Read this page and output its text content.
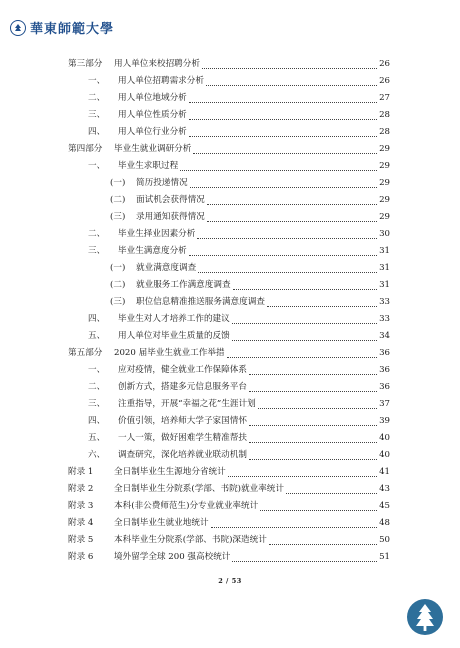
華東師範大學
第三部分	用人单位来校招聘分析	26
一、	用人单位招聘需求分析	26
二、	用人单位地域分析	27
三、	用人单位性质分析	28
四、	用人单位行业分析	28
第四部分	毕业生就业调研分析	29
一、	毕业生求职过程	29
(一)	简历投递情况	29
(二)	面试机会获得情况	29
(三)	录用通知获得情况	29
二、	毕业生择业因素分析	30
三、	毕业生满意度分析	31
(一)	就业满意度调查	31
(二)	就业服务工作满意度调查	31
(三)	职位信息精准推送服务满意度调查	33
四、	毕业生对人才培养工作的建议	33
五、	用人单位对毕业生质量的反馈	34
第五部分	2020 届毕业生就业工作举措	36
一、	应对疫情，健全就业工作保障体系	36
二、	创新方式，搭建多元信息服务平台	36
三、	注重指导，开展“幸福之花”生涯计划	37
四、	价值引领，培养师大学子家国情怀	39
五、	一人一策，做好困难学生精准帮扶	40
六、	调查研究，深化培养就业联动机制	40
附录 1	全日制毕业生生源地分省统计	41
附录 2	全日制毕业生分院系(学部、书院)就业率统计	43
附录 3	本科(非公费师范生)分专业就业率统计	45
附录 4	全日制毕业生就业地统计	48
附录 5	本科毕业生分院系(学部、书院)深造统计	50
附录 6	境外留学全球 200 强高校统计	51
2 / 53
